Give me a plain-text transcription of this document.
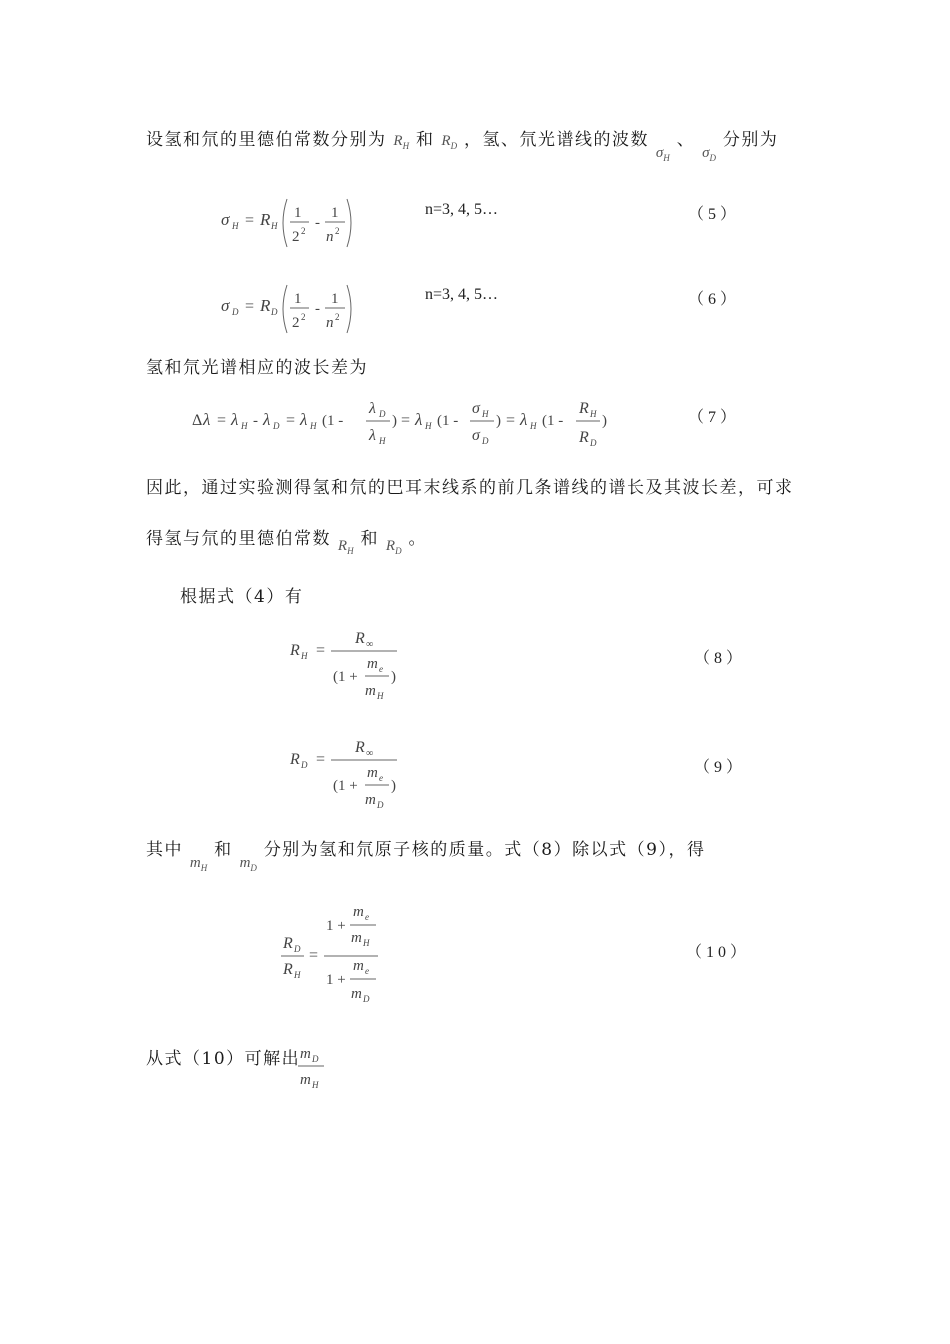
设氢和氘的里德伯常数分别为 $R_H$ 和 $R_D$ ，氢、氘光谱线的波数 $\sigma_H$ 、 $\sigma_D$ 分别为
σ H = R H
1
2 2 -
1
n 2
n=3, 4, 5…	（5）
σ D = R D
1
2 2 -
1
n 2
n=3, 4, 5…	（6）
氢和氘光谱相应的波长差为
Δ λ = λ H - λ D = λ H (1 -
λ D
λ H
) = λ H (1 -
σ H
σ D
) = λ H (1 -
R H
R D
)	（7）
因此，通过实验测得氢和氘的巴耳末线系的前几条谱线的谱长及其波长差，可求
得氢与氘的里德伯常数 $R_H$ 和 $R_D$ 。
根据式（4）有
R H =
R ∞
(1 +
m e
m H
)
（8）
R D =
R ∞
(1 +
m e
m D
)
（9）
其中 $m_H$ 和 $m_D$ 分别为氢和氘原子核的质量。式（8）除以式（9），得
R D
R H
=
1 +
m e
m H
1 +
m e
m D
（10）
从式（10）可解出 m D
m H
